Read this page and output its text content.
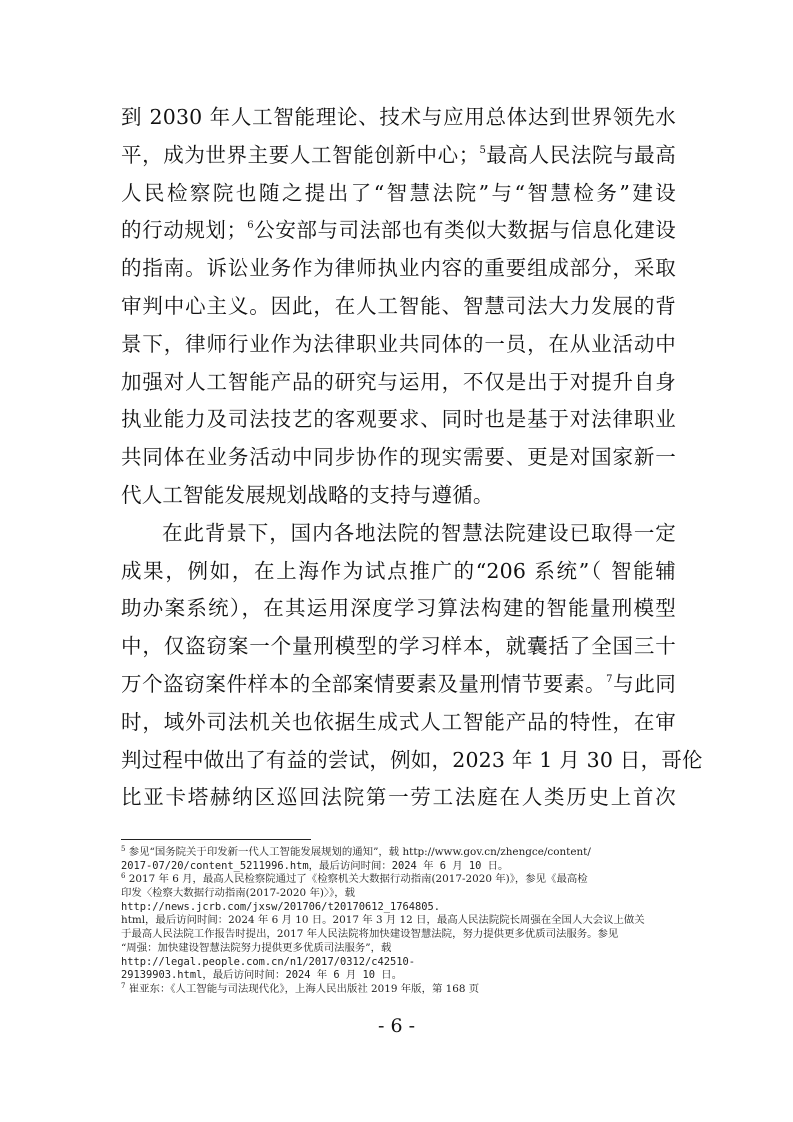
到 2030 年人工智能理论、技术与应用总体达到世界领先水
平，成为世界主要人工智能创新中心；$^5$最高人民法院与最高
人民检察院也随之提出了“智慧法院”与“智慧检务”建设
的行动规划；$^6$公安部与司法部也有类似大数据与信息化建设
的指南。诉讼业务作为律师执业内容的重要组成部分，采取
审判中心主义。因此，在人工智能、智慧司法大力发展的背
景下，律师行业作为法律职业共同体的一员，在从业活动中
加强对人工智能产品的研究与运用，不仅是出于对提升自身
执业能力及司法技艺的客观要求、同时也是基于对法律职业
共同体在业务活动中同步协作的现实需要、更是对国家新一
代人工智能发展规划战略的支持与遵循。
在此背景下，国内各地法院的智慧法院建设已取得一定
成果，例如，在上海作为试点推广的“206 系统”（ 智能辅
助办案系统），在其运用深度学习算法构建的智能量刑模型
中，仅盗窃案一个量刑模型的学习样本，就囊括了全国三十
万个盗窃案件样本的全部案情要素及量刑情节要素。$^7$与此同
时，域外司法机关也依据生成式人工智能产品的特性，在审
判过程中做出了有益的尝试，例如，2023 年 1 月 30 日，哥伦
比亚卡塔赫纳区巡回法院第一劳工法庭在人类历史上首次
$^5$ 参见“国务院关于印发新一代人工智能发展规划的通知”，载 http://www.gov.cn/zhengce/content/
2017-07/20/content_5211996.htm，最后访问时间：2024 年 6 月 10 日。
$^6$ 2017 年 6 月，最高人民检察院通过了《检察机关大数据行动指南(2017-2020 年)》，参见《最高检
印发〈检察大数据行动指南(2017-2020 年)〉》，载
http://news.jcrb.com/jxsw/201706/t20170612_1764805.
html，最后访问时间：2024 年 6 月 10 日。2017 年 3 月 12 日，最高人民法院院长周强在全国人大会议上做关
于最高人民法院工作报告时提出，2017 年人民法院将加快建设智慧法院，努力提供更多优质司法服务。参见
“周强：加快建设智慧法院努力提供更多优质司法服务”，载
http://legal.people.com.cn/n1/2017/0312/c42510-
29139903.html，最后访问时间：2024 年 6 月 10 日。
$^7$ 崔亚东：《人工智能与司法现代化》，上海人民出版社 2019 年版，第 168 页
- 6 -
